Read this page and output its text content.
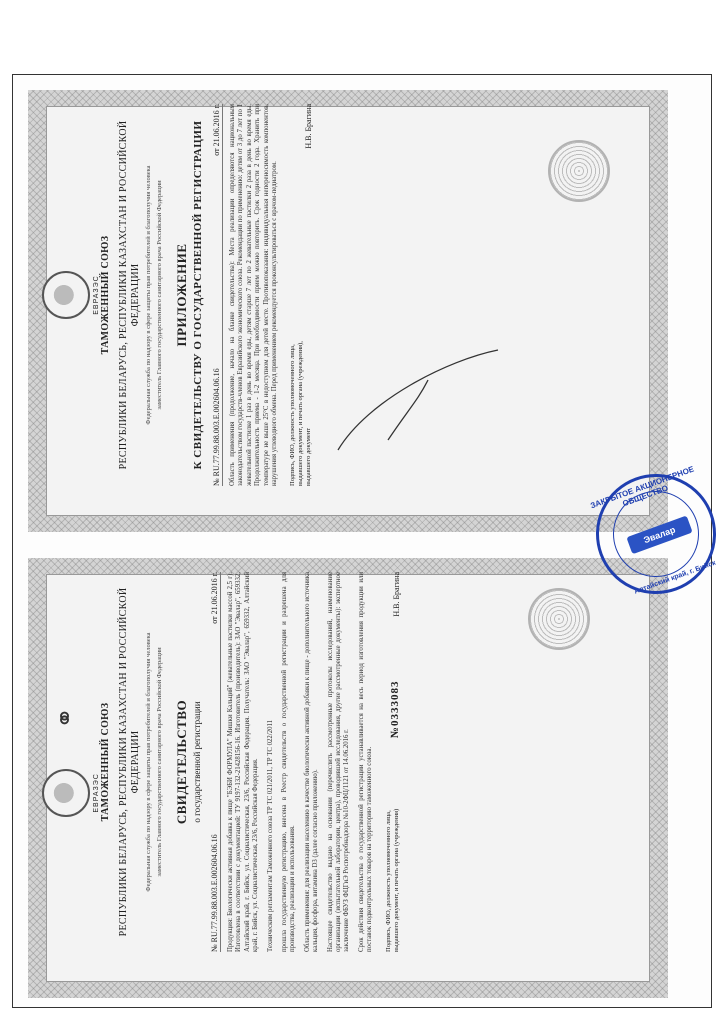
ЕВРАЗЭС ТАМОЖЕННЫЙ СОЮЗ РЕСПУБЛИКИ БЕЛАРУСЬ, РЕСПУБЛИКИ КАЗАХСТАН И РОССИЙСКОЙ ФЕДЕРАЦИИ Федеральная служба по надзору в сфере защиты прав потребителей и благополучия человека заместитель Главного государственного санитарного врача Российской Федерации ПРИЛОЖЕНИЕ К СВИДЕТЕЛЬСТВУ О ГОСУДАРСТВЕННОЙ РЕГИСТРАЦИИ
№ RU.77.99.88.003.Е.002604.06.16
от 21.06.2016 г. Область применения (продолжение, начало на бланке свидетельства): Места реализации определяются национальным законодательством государств-членов Евразийского экономического союза. Рекомендации по применению: детям от 3 до 7 лет по 1 жевательной пастилке 1 раз в день во время еды, детям старше 7 лет по 2 жевательные пастилки 2 раза в день во время еды. Продолжительность приема - 1-2 месяца. При необходимости прием можно повторить. Срок годности 2 года. Хранить при температуре не выше 25°С в недоступном для детей месте. Противопоказания: индивидуальная непереносимость компонентов, нарушения углеводного обмена. Перед применением рекомендуется проконсультироваться с врачом-педиатром. Подпись, ФИО, должность уполномоченного лица, выдавшего документ, и печать органа (учреждения), выдавшего документ
Н.В. Брагина
ЕВРАЗЭС
⚭ ТАМОЖЕННЫЙ СОЮЗ РЕСПУБЛИКИ БЕЛАРУСЬ, РЕСПУБЛИКИ КАЗАХСТАН И РОССИЙСКОЙ ФЕДЕРАЦИИ Федеральная служба по надзору в сфере защиты прав потребителей и благополучия человека заместитель Главного государственного санитарного врача Российской Федерации СВИДЕТЕЛЬСТВО о государственной регистрации
№ RU.77.99.88.003.Е.002604.06.16
от 21.06.2016 г. Продукция: Биологически активная добавка к пище "БЭБИ ФОРМУЛА" Мишки Кальций" (жевательные пастилки массой 2,5 г). Изготовлена в соответствии с документацией: ТУ 9197-132-21428156-16. Изготовитель (производитель): ЗАО "Эвалар", 659332, Алтайский край, г. Бийск, ул. Социалистическая, 23/6, Российская Федерация. Получатель: ЗАО "Эвалар", 659332, Алтайский край, г. Бийск, ул. Социалистическая, 23/6, Российская Федерация. Техническим регламентам Таможенного союза ТР ТС 021/2011, ТР ТС 022/2011 прошла государственную регистрацию, внесена в Реестр свидетельств о государственной регистрации и разрешена для производства, реализации и использования. Область применения: для реализации населению в качестве биологически активной добавки к пище - дополнительного источника кальция, фосфора, витамина D3 (далее согласно приложению). Настоящее свидетельство выдано на основании (перечислить рассмотренные протоколы исследований, наименование организации (испытательной лаборатории, центра), проводившей исследования, другие рассмотренные документы): экспертное заключение ФБУЗ ФЦГиЭ Роспотребнадзора №10-2ФЦ/1121 от 14.06.2016 г. Срок действия свидетельства о государственной регистрации устанавливается на весь период изготовления продукции или поставок подконтрольных товаров на территорию таможенного союза. Подпись, ФИО, должность уполномоченного лица, выдавшего документ, и печать органа (учреждения)
№0333083
Н.В. Брагина
ЗАКРЫТОЕ АКЦИОНЕРНОЕ ОБЩЕСТВО
Эвалар
Алтайский край, г. Бийск
